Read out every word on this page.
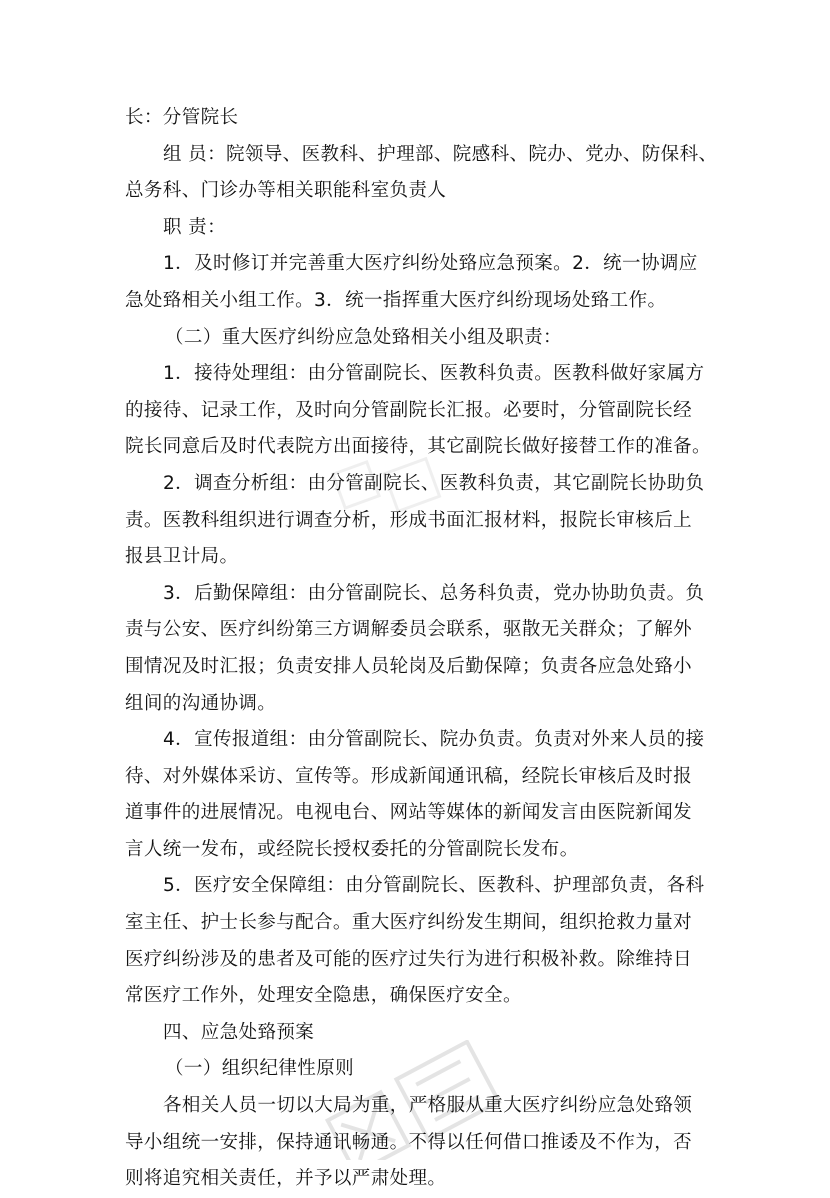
长：分管院长
组 员：院领导、医教科、护理部、院感科、院办、党办、防保科、
总务科、门诊办等相关职能科室负责人
职 责：
1．及时修订并完善重大医疗纠纷处臵应急预案。2．统一协调应
急处臵相关小组工作。3．统一指挥重大医疗纠纷现场处臵工作。
（二）重大医疗纠纷应急处臵相关小组及职责：
1．接待处理组：由分管副院长、医教科负责。医教科做好家属方
的接待、记录工作，及时向分管副院长汇报。必要时，分管副院长经
院长同意后及时代表院方出面接待，其它副院长做好接替工作的准备。
2．调查分析组：由分管副院长、医教科负责，其它副院长协助负
责。医教科组织进行调查分析，形成书面汇报材料，报院长审核后上
报县卫计局。
3．后勤保障组：由分管副院长、总务科负责，党办协助负责。负
责与公安、医疗纠纷第三方调解委员会联系，驱散无关群众；了解外
围情况及时汇报；负责安排人员轮岗及后勤保障；负责各应急处臵小
组间的沟通协调。
4．宣传报道组：由分管副院长、院办负责。负责对外来人员的接
待、对外媒体采访、宣传等。形成新闻通讯稿，经院长审核后及时报
道事件的进展情况。电视电台、网站等媒体的新闻发言由医院新闻发
言人统一发布，或经院长授权委托的分管副院长发布。
5．医疗安全保障组：由分管副院长、医教科、护理部负责，各科
室主任、护士长参与配合。重大医疗纠纷发生期间，组织抢救力量对
医疗纠纷涉及的患者及可能的医疗过失行为进行积极补救。除维持日
常医疗工作外，处理安全隐患，确保医疗安全。
四、应急处臵预案
（一）组织纪律性原则
各相关人员一切以大局为重，严格服从重大医疗纠纷应急处臵领
导小组统一安排，保持通讯畅通。不得以任何借口推诿及不作为，否
则将追究相关责任，并予以严肃处理。
